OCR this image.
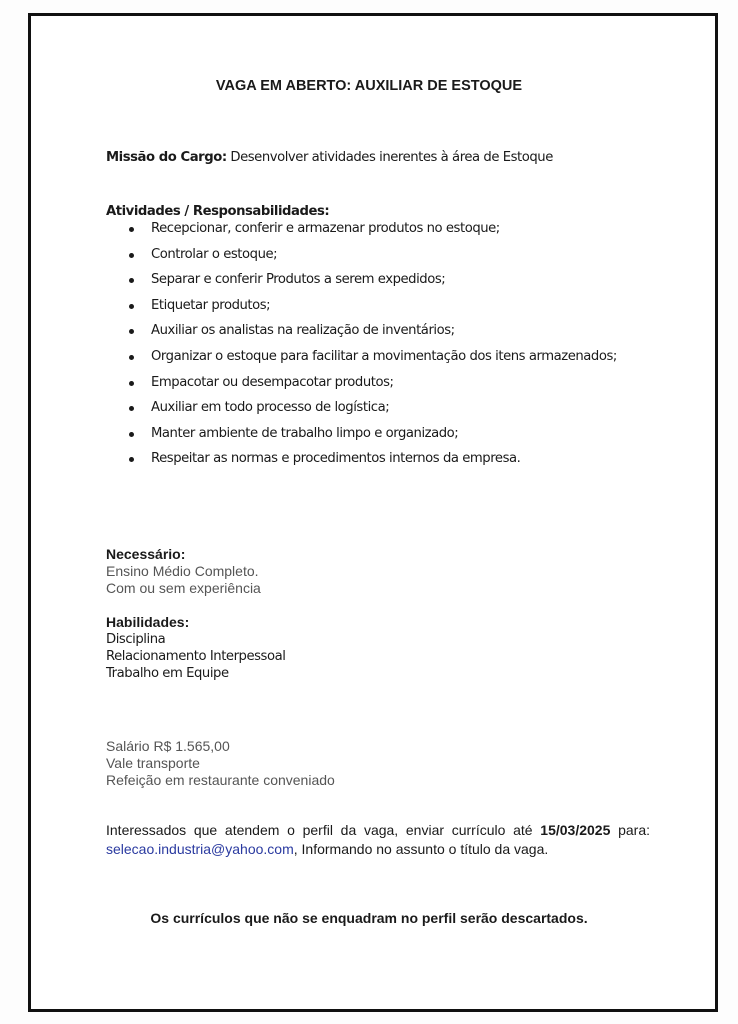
VAGA EM ABERTO: AUXILIAR DE ESTOQUE
Missão do Cargo: Desenvolver atividades inerentes à área de Estoque
Atividades / Responsabilidades:
Recepcionar, conferir e armazenar produtos no estoque;
Controlar o estoque;
Separar e conferir Produtos a serem expedidos;
Etiquetar produtos;
Auxiliar os analistas na realização de inventários;
Organizar o estoque para facilitar a movimentação dos itens armazenados;
Empacotar ou desempacotar produtos;
Auxiliar em todo processo de logística;
Manter ambiente de trabalho limpo e organizado;
Respeitar as normas e procedimentos internos da empresa.
Necessário:
Ensino Médio Completo.
Com ou sem experiência
Habilidades:
Disciplina
Relacionamento Interpessoal
Trabalho em Equipe
Salário R$ 1.565,00
Vale transporte
Refeição em restaurante conveniado
Interessados que atendem o perfil da vaga, enviar currículo até 15/03/2025 para: selecao.industria@yahoo.com, Informando no assunto o título da vaga.
Os currículos que não se enquadram no perfil serão descartados.
